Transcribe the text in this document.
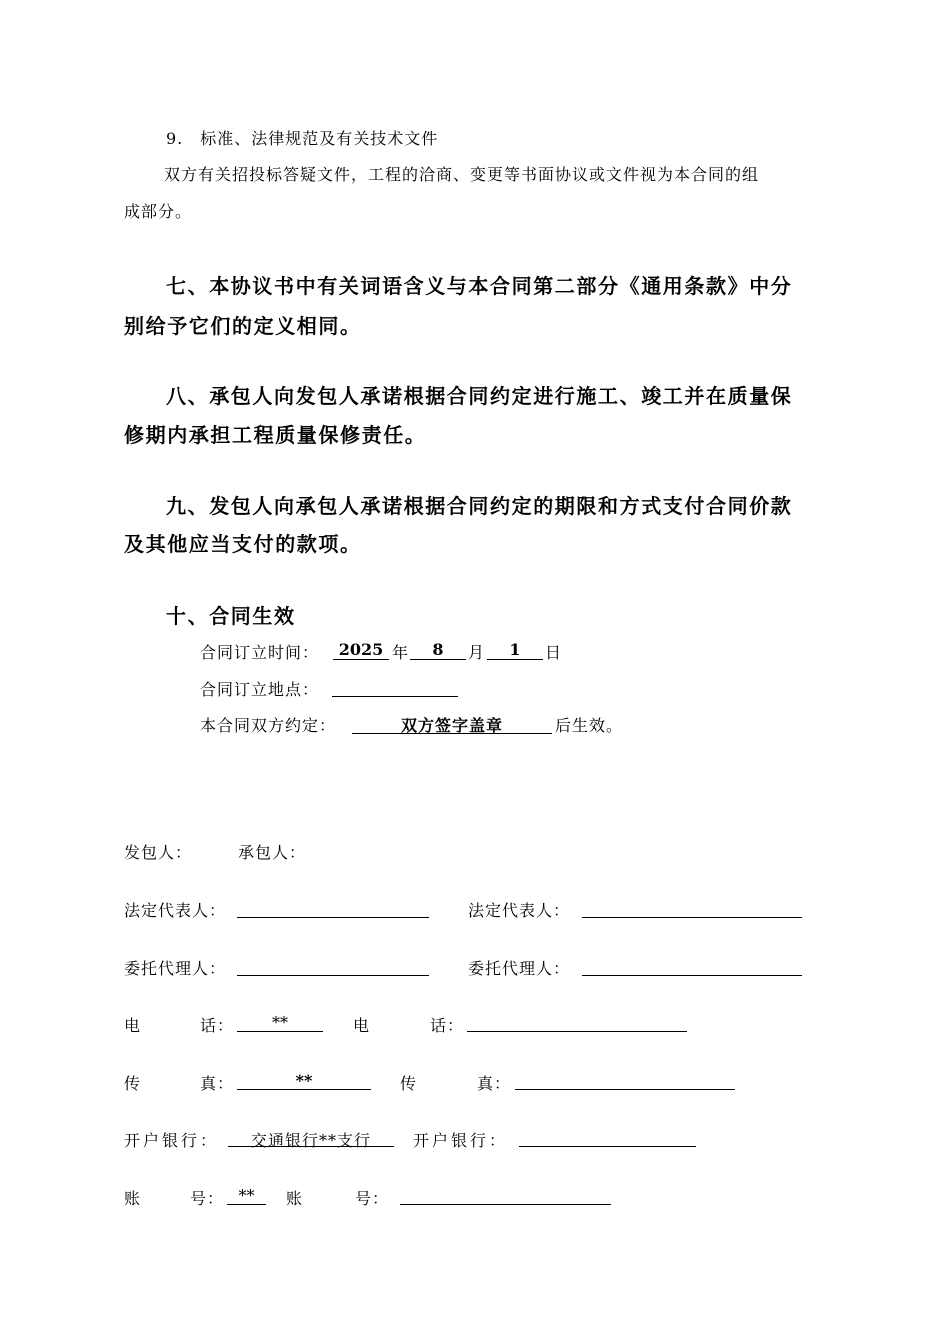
9.　标准、法律规范及有关技术文件
双方有关招投标答疑文件，工程的洽商、变更等书面协议或文件视为本合同的组
成部分。
七、本协议书中有关词语含义与本合同第二部分《通用条款》中分
别给予它们的定义相同。
八、承包人向发包人承诺根据合同约定进行施工、竣工并在质量保
修期内承担工程质量保修责任。
九、发包人向承包人承诺根据合同约定的期限和方式支付合同价款
及其他应当支付的款项。
十、合同生效
合同订立时间：	2025 年	8	月	1	日
合同订立地点：
本合同双方约定：	双方签字盖章	后生效。
发包人：	承包人：
法定代表人：	法定代表人：
委托代理人：	委托代理人：
电	话：	**	电	话：
传	真：	**	传	真：
开户银行：	交通银行**支行	开户银行：
账	号： **	账	号：
